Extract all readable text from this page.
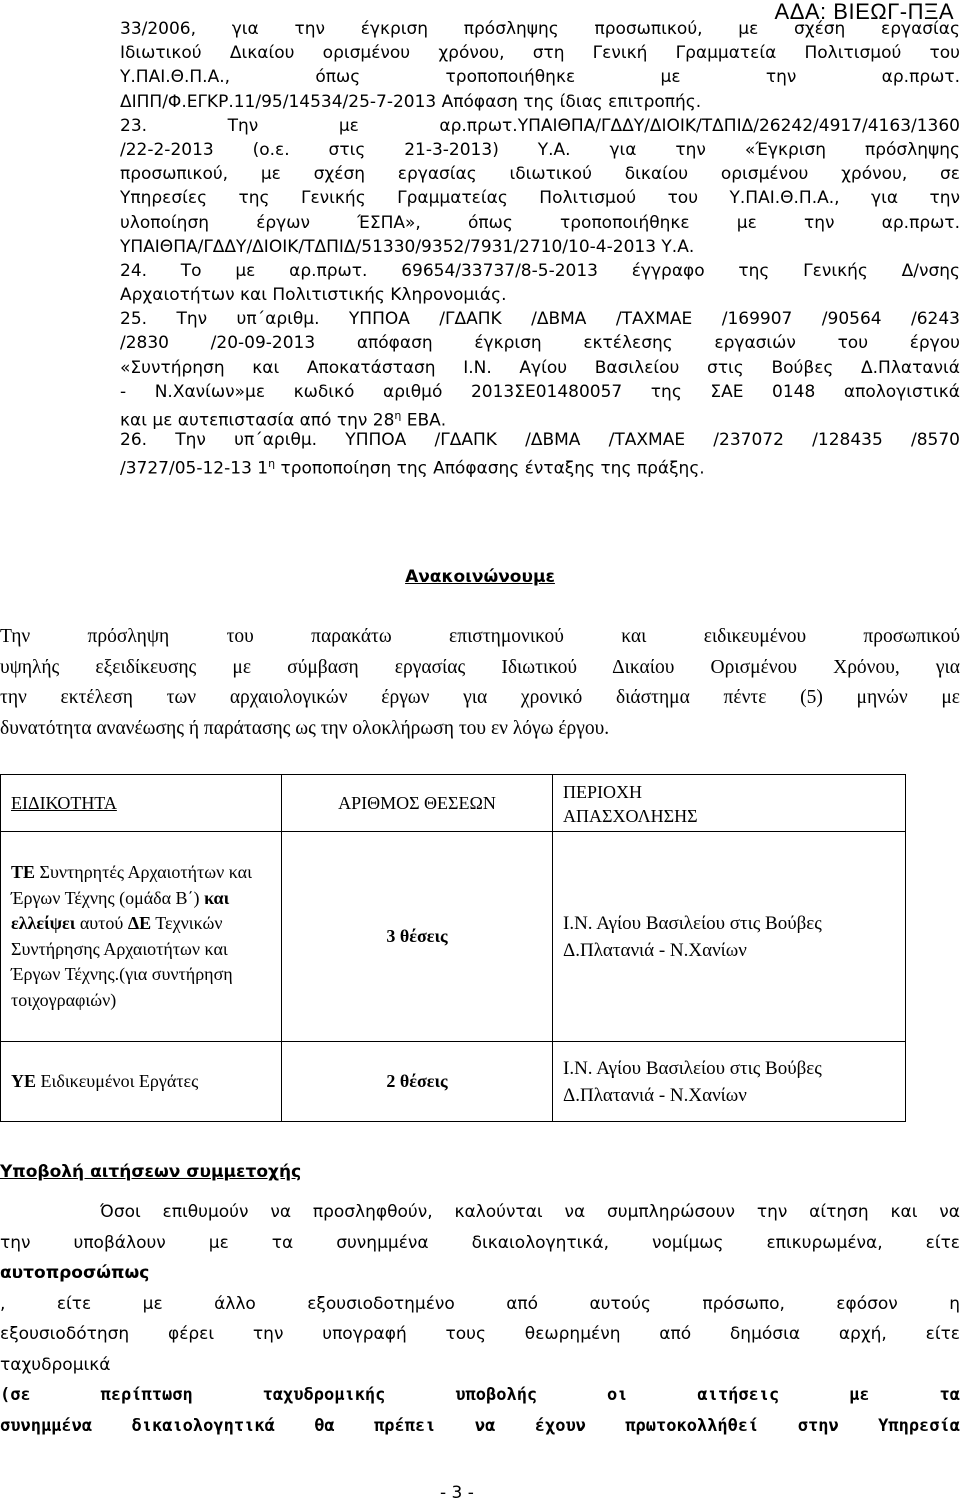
ΑΔΑ: ΒΙΕΩΓ-ΠΞΑ
33/2006, για την έγκριση πρόσληψης προσωπικού, με σχέση εργασίας
Ιδιωτικού Δικαίου ορισμένου χρόνου, στη Γενική Γραμματεία Πολιτισμού του
Υ.ΠΑΙ.Θ.Π.Α., όπως τροποποιήθηκε με την αρ.πρωτ.
ΔΙΠΠ/Φ.ΕΓΚΡ.11/95/14534/25-7-2013 Απόφαση της ίδιας επιτροπής.
23. Την με αρ.πρωτ.ΥΠΑΙΘΠΑ/ΓΔΔΥ/ΔΙΟΙΚ/ΤΔΠΙΔ/26242/4917/4163/1360
/22-2-2013 (ο.ε. στις 21-3-2013) Υ.Α. για την «Έγκριση πρόσληψης
προσωπικού, με σχέση εργασίας ιδιωτικού δικαίου ορισμένου χρόνου, σε
Υπηρεσίες της Γενικής Γραμματείας Πολιτισμού του Υ.ΠΑΙ.Θ.Π.Α., για την
υλοποίηση έργων ΈΣΠΑ», όπως τροποποιήθηκε με την αρ.πρωτ.
ΥΠΑΙΘΠΑ/ΓΔΔΥ/ΔΙΟΙΚ/ΤΔΠΙΔ/51330/9352/7931/2710/10-4-2013 Υ.Α.
24. Το με αρ.πρωτ. 69654/33737/8-5-2013 έγγραφο της Γενικής Δ/νσης
Αρχαιοτήτων και Πολιτιστικής Κληρονομιάς.
25. Την υπ΄αριθμ. ΥΠΠΟΑ /ΓΔΑΠΚ /ΔΒΜΑ /ΤΑΧΜΑΕ /169907 /90564 /6243
/2830 /20-09-2013 απόφαση έγκριση εκτέλεσης εργασιών του έργου
«Συντήρηση και Αποκατάσταση Ι.Ν. Αγίου Βασιλείου στις Βούβες Δ.Πλατανιά
- Ν.Χανίων»με κωδικό αριθμό 2013ΣΕ01480057 της ΣΑΕ 0148 απολογιστικά
και με αυτεπιστασία από την $28^\eta$ ΕΒΑ.
26. Την υπ΄αριθμ. ΥΠΠΟΑ /ΓΔΑΠΚ /ΔΒΜΑ /ΤΑΧΜΑΕ /237072 /128435 /8570
/3727/05-12-13 $1^\eta$ τροποποίηση της Απόφασης ένταξης της πράξης.
Ανακοινώνουμε
Την πρόσληψη του παρακάτω επιστημονικού και ειδικευμένου προσωπικού
υψηλής εξειδίκευσης με σύμβαση εργασίας Ιδιωτικού Δικαίου Ορισμένου Χρόνου, για
την εκτέλεση των αρχαιολογικών έργων για χρονικό διάστημα πέντε (5) μηνών με
δυνατότητα ανανέωσης ή παράτασης ως την ολοκλήρωση του εν λόγω έργου.
ΕΙΔΙΚΟΤΗΤΑ	ΑΡΙΘΜΟΣ ΘΕΣΕΩΝ	ΠΕΡΙΟΧΗ ΑΠΑΣΧΟΛΗΣΗΣ
ΤΕ Συντηρητές Αρχαιοτήτων και Έργων Τέχνης (ομάδα Β΄) και ελλείψει αυτού ΔΕ Τεχνικών Συντήρησης Αρχαιοτήτων και Έργων Τέχνης.(για συντήρηση τοιχογραφιών)	3 θέσεις	Ι.Ν. Αγίου Βασιλείου στις Βούβες Δ.Πλατανιά - Ν.Χανίων
ΥΕ Ειδικευμένοι Εργάτες	2 θέσεις	Ι.Ν. Αγίου Βασιλείου στις Βούβες Δ.Πλατανιά - Ν.Χανίων
Υποβολή αιτήσεων συμμετοχής
Όσοι επιθυμούν να προσληφθούν, καλούνται να συμπληρώσουν την αίτηση και να
την υποβάλουν με τα συνημμένα δικαιολογητικά, νομίμως επικυρωμένα, είτε
αυτοπροσώπως
, είτε με άλλο εξουσιοδοτημένο από αυτούς πρόσωπο, εφόσον η
εξουσιοδότηση φέρει την υπογραφή τους θεωρημένη από δημόσια αρχή, είτε
ταχυδρομικά
(σε περίπτωση ταχυδρομικής υποβολής οι αιτήσεις με τα
συνημμένα δικαιολογητικά θα πρέπει να έχουν πρωτοκολλήθεί στην Υπηρεσία
- 3 -
